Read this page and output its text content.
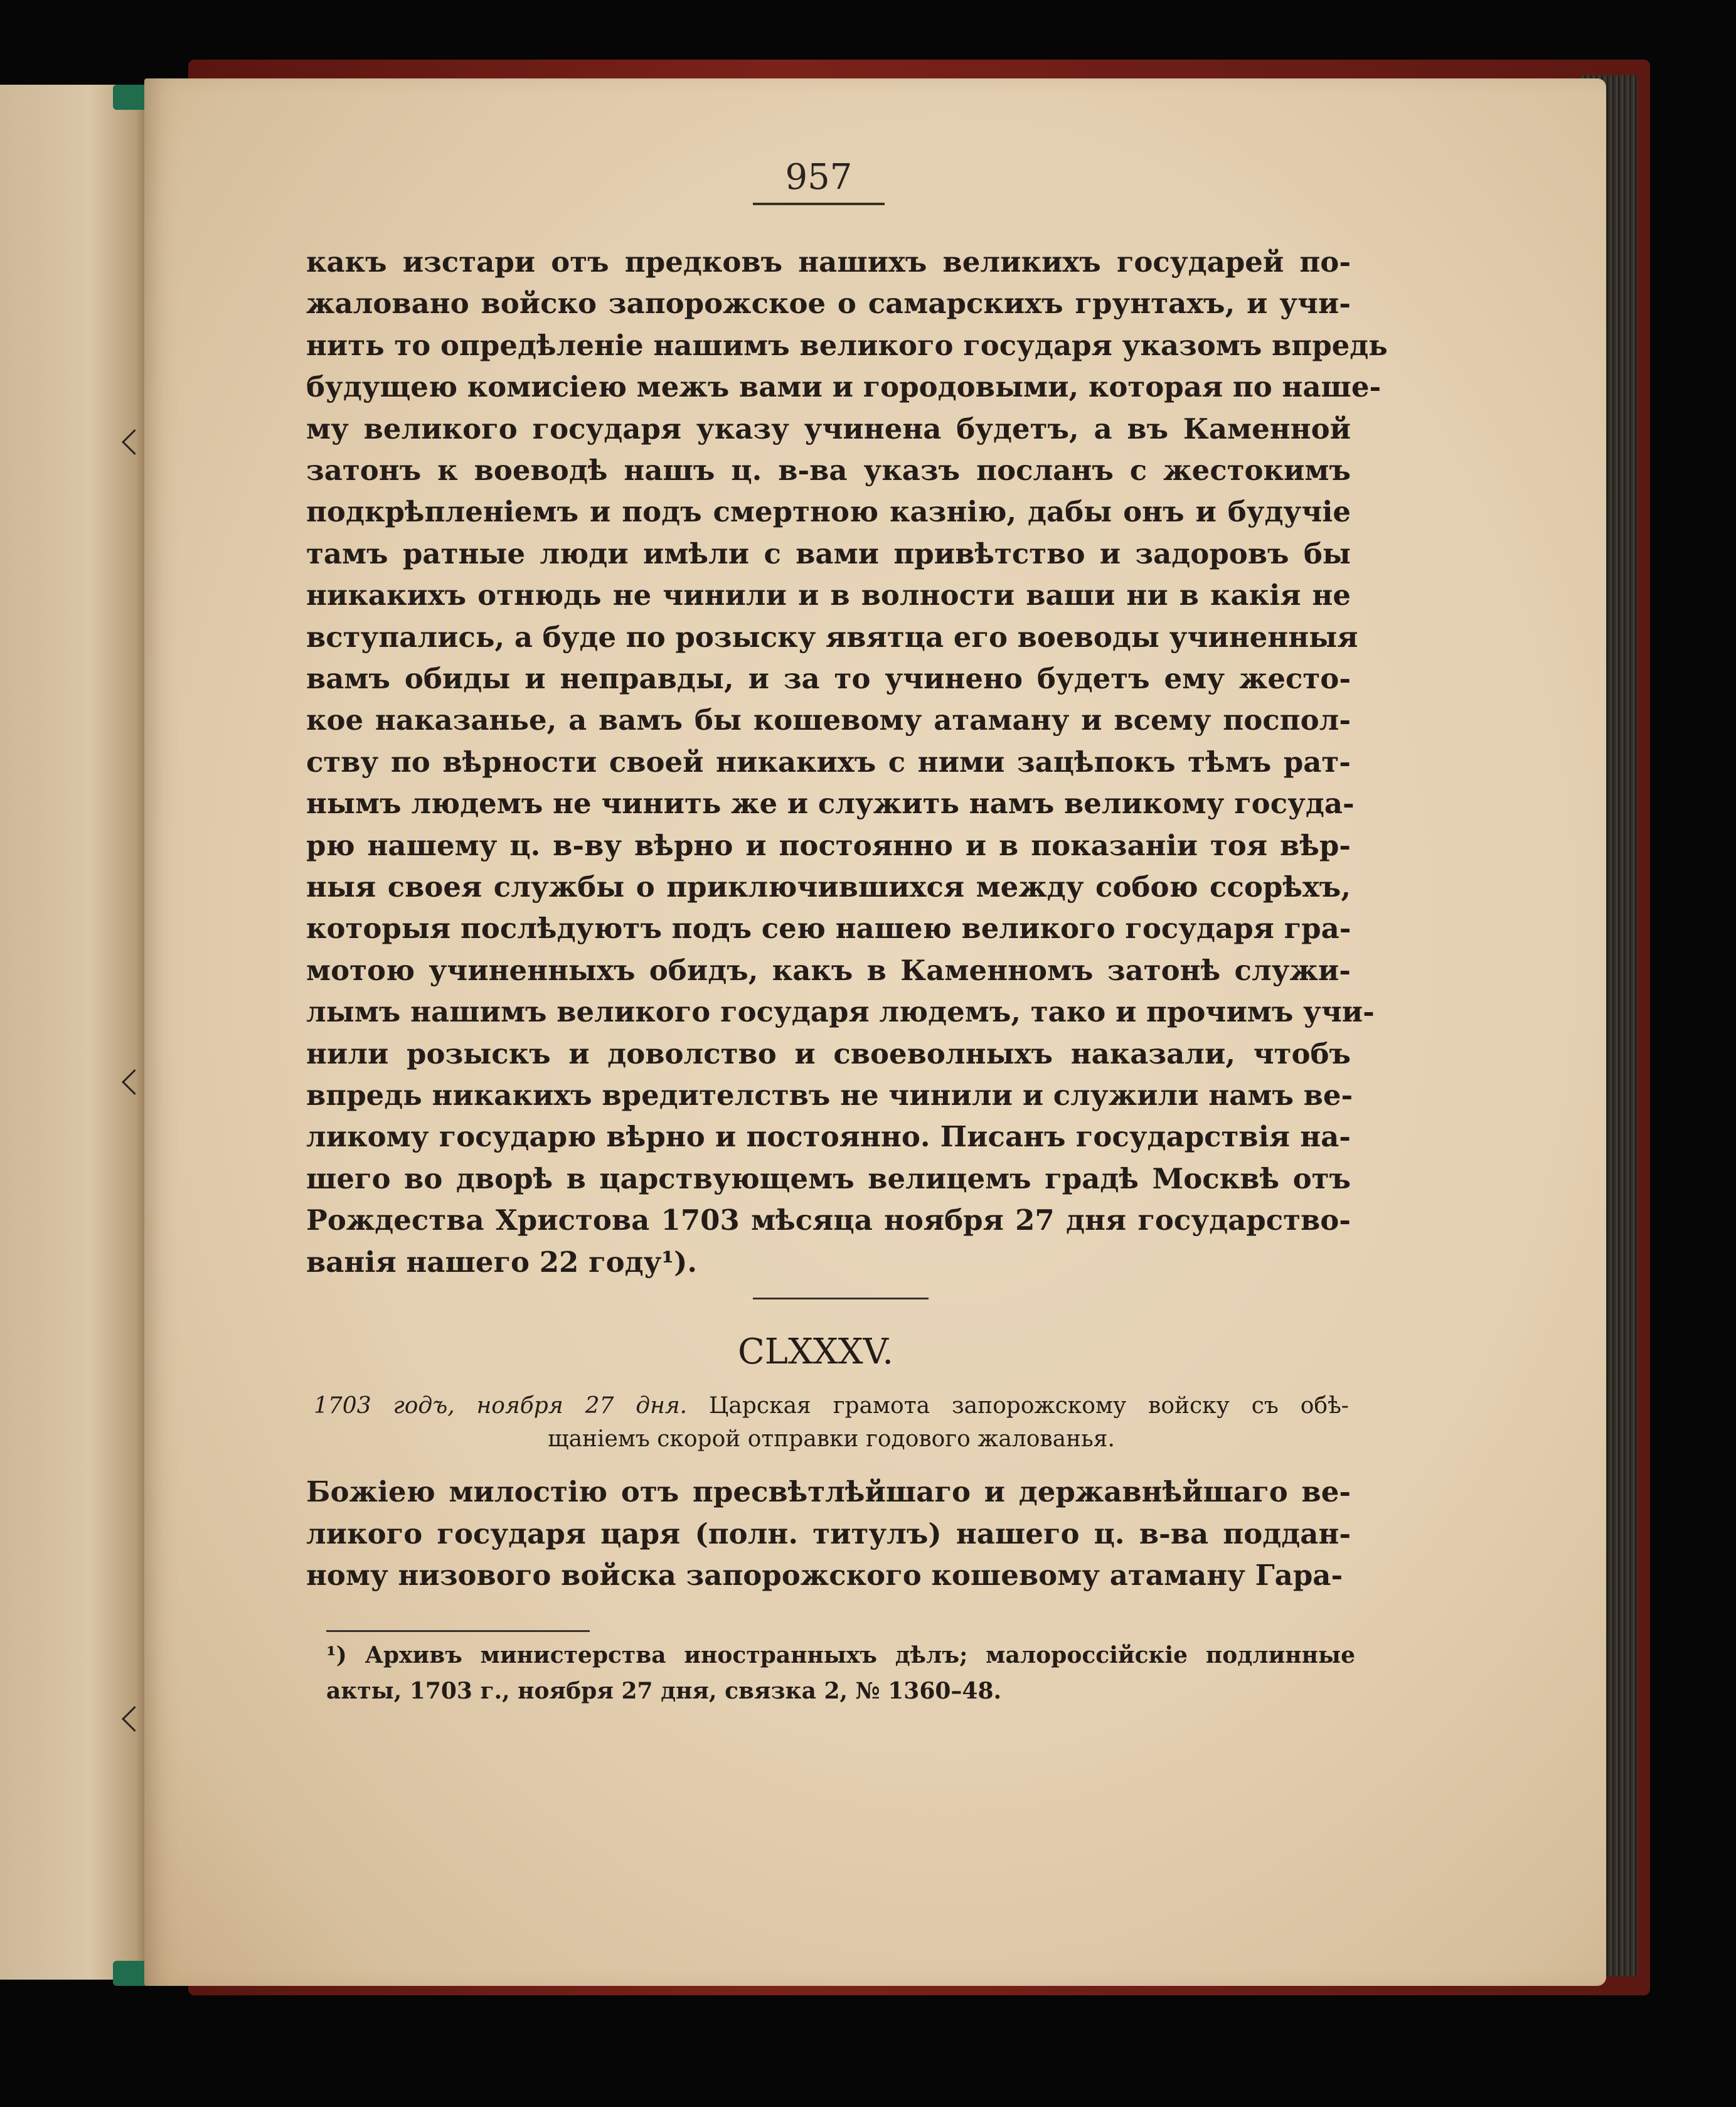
957
какъ изстари отъ предковъ нашихъ великихъ государей по-
жаловано войско запорожское о самарскихъ грунтахъ, и учи-
нить то опредѣленіе нашимъ великого государя указомъ впредь
будущею комисіею межъ вами и городовыми, которая по наше-
му великого государя указу учинена будетъ, а въ Каменной
затонъ к воеводѣ нашъ ц. в-ва указъ посланъ с жестокимъ
подкрѣпленіемъ и подъ смертною казнію, дабы онъ и будучіе
тамъ ратные люди имѣли с вами привѣтство и задоровъ бы
никакихъ отнюдь не чинили и в волности ваши ни в какія не
вступались, а буде по розыску явятца его воеводы учиненныя
вамъ обиды и неправды, и за то учинено будетъ ему жесто-
кое наказанье, а вамъ бы кошевому атаману и всему поспол-
ству по вѣрности своей никакихъ с ними зацѣпокъ тѣмъ рат-
нымъ людемъ не чинить же и служить намъ великому госуда-
рю нашему ц. в-ву вѣрно и постоянно и в показаніи тоя вѣр-
ныя своея службы о приключившихся между собою ссорѣхъ,
которыя послѣдуютъ подъ сею нашею великого государя гра-
мотою учиненныхъ обидъ, какъ в Каменномъ затонѣ служи-
лымъ нашимъ великого государя людемъ, тако и прочимъ учи-
нили розыскъ и доволство и своеволныхъ наказали, чтобъ
впредь никакихъ вредителствъ не чинили и служили намъ ве-
ликому государю вѣрно и постоянно. Писанъ государствія на-
шего во дворѣ в царствующемъ велицемъ градѣ Москвѣ отъ
Рождества Христова 1703 мѣсяца ноября 27 дня государство-
ванія нашего 22 году¹).
CLXXXV.
1703 годъ, ноября 27 дня. Царская грамота запорожскому войску съ обѣ-
щаніемъ скорой отправки годового жалованья.
Божіею милостію отъ пресвѣтлѣйшаго и державнѣйшаго ве-
ликого государя царя (полн. титулъ) нашего ц. в-ва поддан-
ному низового войска запорожского кошевому атаману Гара-
¹) Архивъ министерства иностранныхъ дѣлъ; малороссійскіе подлинные
акты, 1703 г., ноября 27 дня, связка 2, № 1360–48.
